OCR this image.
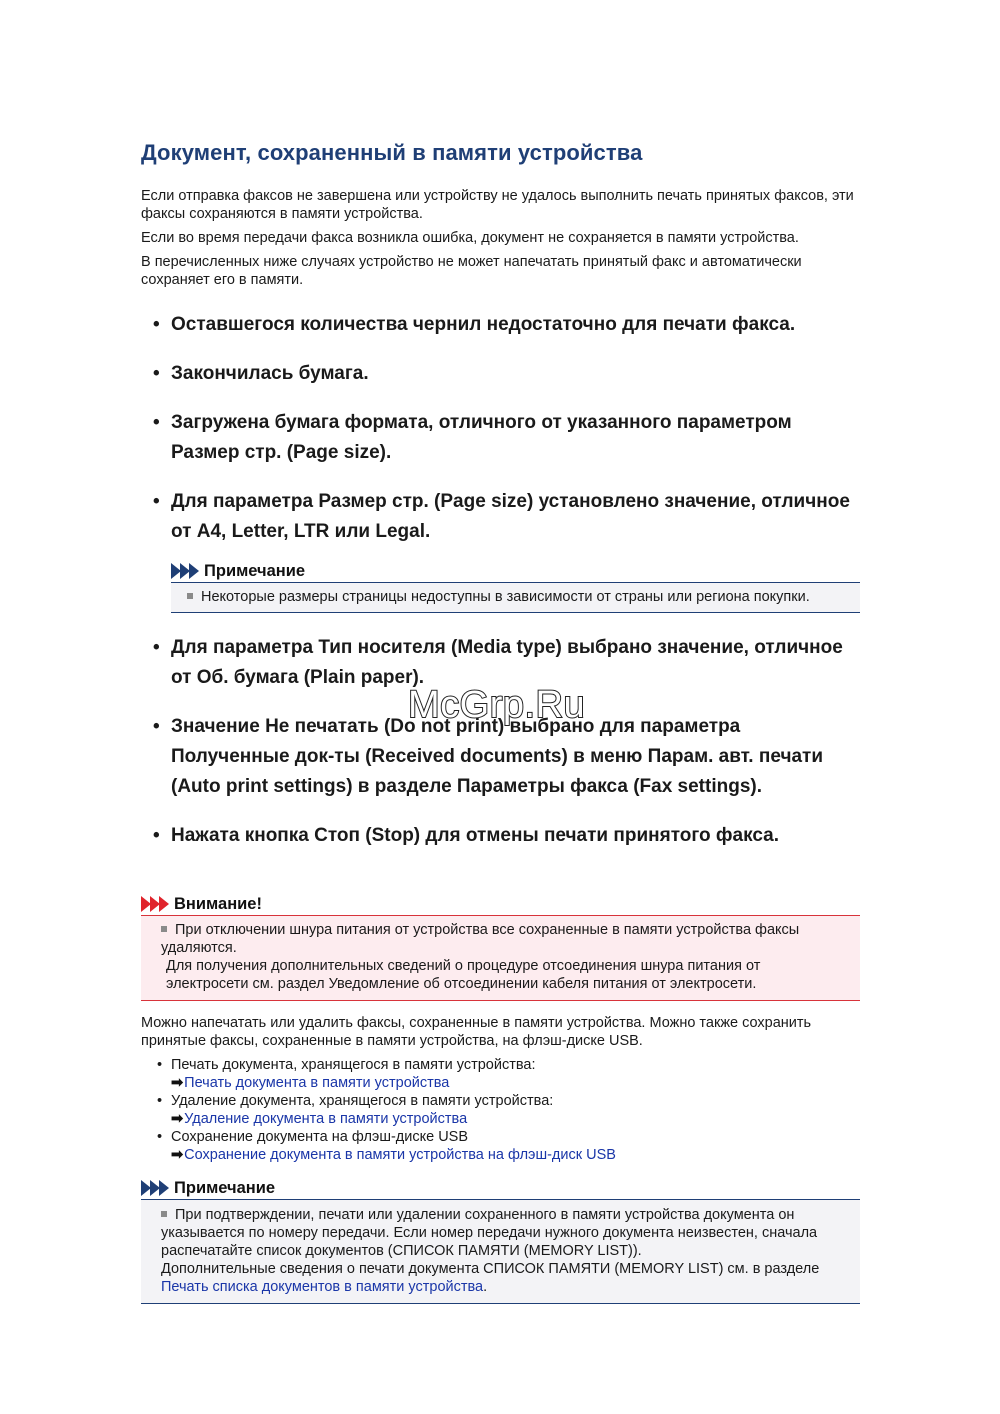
Документ, сохраненный в памяти устройства

Если отправка факсов не завершена или устройству не удалось выполнить печать принятых факсов, эти факсы сохраняются в памяти устройства.

Если во время передачи факса возникла ошибка, документ не сохраняется в памяти устройства.

В перечисленных ниже случаях устройство не может напечатать принятый факс и автоматически сохраняет его в памяти.

• Оставшегося количества чернил недостаточно для печати факса.
• Закончилась бумага.
• Загружена бумага формата, отличного от указанного параметром Размер стр. (Page size).
• Для параметра Размер стр. (Page size) установлено значение, отличное от A4, Letter, LTR или Legal.
Примечание
Некоторые размеры страницы недоступны в зависимости от страны или региона покупки.
• Для параметра Тип носителя (Media type) выбрано значение, отличное от Об. бумага (Plain paper).
• Значение Не печатать (Do not print) выбрано для параметра Полученные док-ты (Received documents) в меню Парам. авт. печати (Auto print settings) в разделе Параметры факса (Fax settings).
• Нажата кнопка Стоп (Stop) для отмены печати принятого факса.
Внимание!
При отключении шнура питания от устройства все сохраненные в памяти устройства факсы удаляются.
Для получения дополнительных сведений о процедуре отсоединения шнура питания от электросети см. раздел Уведомление об отсоединении кабеля питания от электросети.

Можно напечатать или удалить факсы, сохраненные в памяти устройства. Можно также сохранить принятые факсы, сохраненные в памяти устройства, на флэш-диске USB.

• Печать документа, хранящегося в памяти устройства:
➡Печать документа в памяти устройства
• Удаление документа, хранящегося в памяти устройства:
➡Удаление документа в памяти устройства
• Сохранение документа на флэш-диске USB
➡Сохранение документа в памяти устройства на флэш-диск USB
Примечание
При подтверждении, печати или удалении сохраненного в памяти устройства документа он указывается по номеру передачи. Если номер передачи нужного документа неизвестен, сначала распечатайте список документов (СПИСОК ПАМЯТИ (MEMORY LIST)).
Дополнительные сведения о печати документа СПИСОК ПАМЯТИ (MEMORY LIST) см. в разделе Печать списка документов в памяти устройства.
McGrp.Ru
